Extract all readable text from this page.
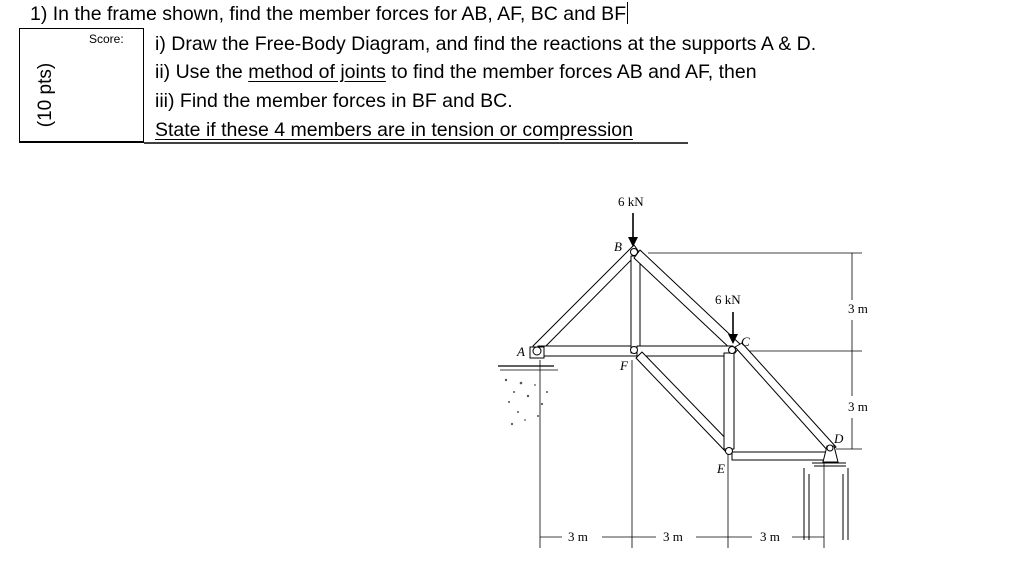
1) In the frame shown, find the member forces for AB, AF, BC and BF
Score:
(10 pts)
i) Draw the Free-Body Diagram, and find the reactions at the supports A & D.
ii) Use the method of joints to find the member forces AB and AF, then
iii) Find the member forces in BF and BC.
State if these 4 members are in tension or compression
6 kN
6 kN
3 m
3 m
3 m	3 m	3 m
A
B
C
D
E
F
